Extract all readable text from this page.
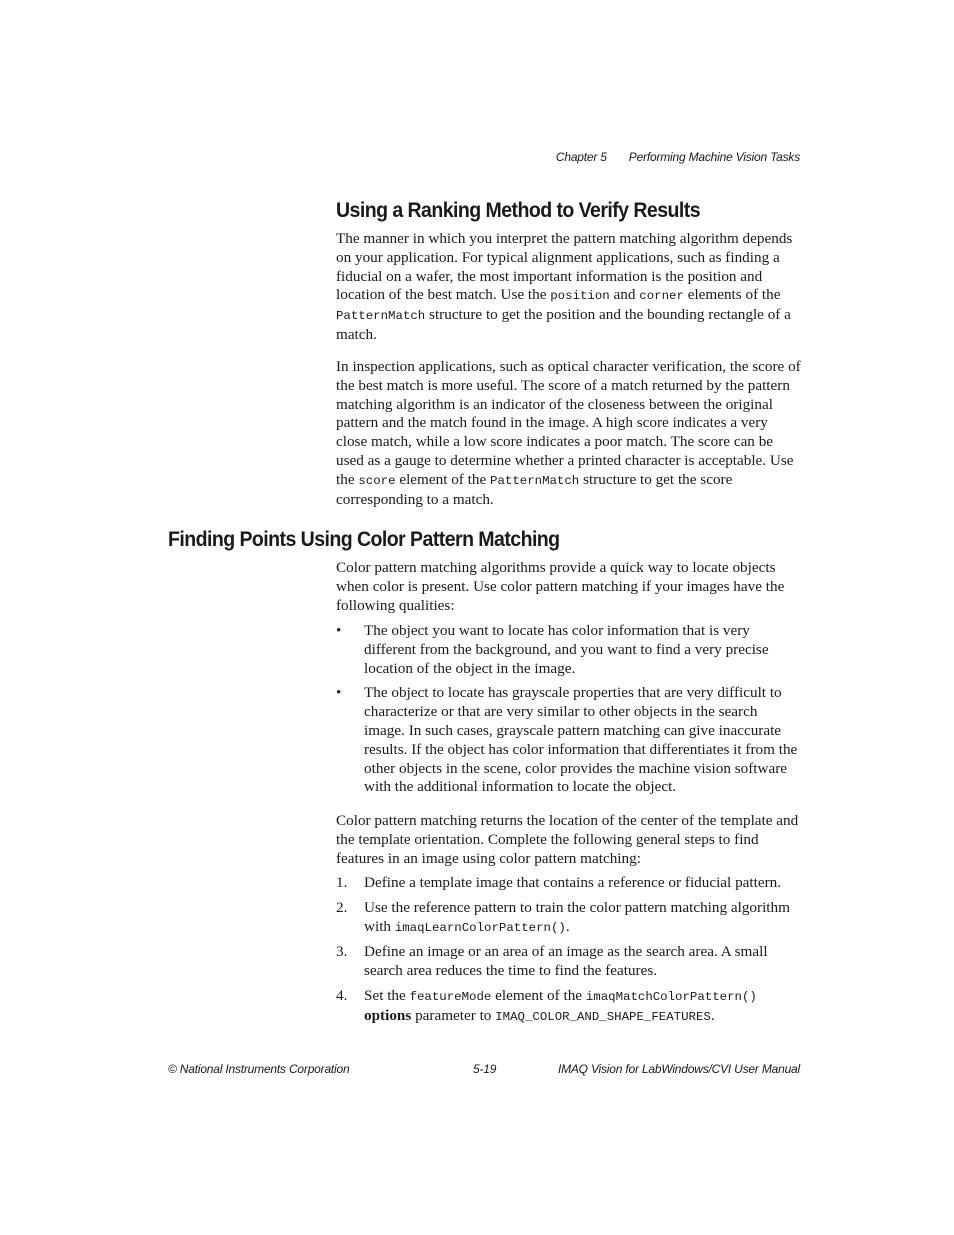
Chapter 5 Performing Machine Vision Tasks
Using a Ranking Method to Verify Results

The manner in which you interpret the pattern matching algorithm depends on your application. For typical alignment applications, such as finding a fiducial on a wafer, the most important information is the position and location of the best match. Use the position and corner elements of the PatternMatch structure to get the position and the bounding rectangle of a match.

In inspection applications, such as optical character verification, the score of the best match is more useful. The score of a match returned by the pattern matching algorithm is an indicator of the closeness between the original pattern and the match found in the image. A high score indicates a very close match, while a low score indicates a poor match. The score can be used as a gauge to determine whether a printed character is acceptable. Use the score element of the PatternMatch structure to get the score corresponding to a match.

Finding Points Using Color Pattern Matching

Color pattern matching algorithms provide a quick way to locate objects when color is present. Use color pattern matching if your images have the following qualities:

•	The object you want to locate has color information that is very different from the background, and you want to find a very precise location of the object in the image.
•	The object to locate has grayscale properties that are very difficult to characterize or that are very similar to other objects in the search image. In such cases, grayscale pattern matching can give inaccurate results. If the object has color information that differentiates it from the other objects in the scene, color provides the machine vision software with the additional information to locate the object.

Color pattern matching returns the location of the center of the template and the template orientation. Complete the following general steps to find features in an image using color pattern matching:

1.	Define a template image that contains a reference or fiducial pattern.
2.	Use the reference pattern to train the color pattern matching algorithm with imaqLearnColorPattern().
3.	Define an image or an area of an image as the search area. A small search area reduces the time to find the features.
4.	Set the featureMode element of the imaqMatchColorPattern()
options parameter to IMAQ_COLOR_AND_SHAPE_FEATURES.
© National Instruments Corporation	5-19	IMAQ Vision for LabWindows/CVI User Manual
